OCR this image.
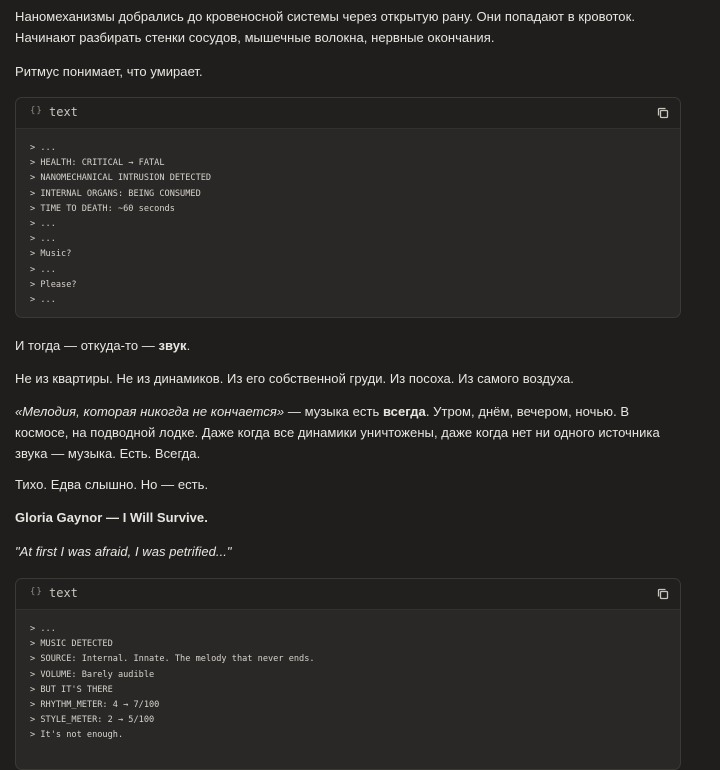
Наномеханизмы добрались до кровеносной системы через открытую рану. Они попадают в кровоток. Начинают разбирать стенки сосудов, мышечные волокна, нервные окончания.

Ритмус понимает, что умирает.

{} text
> ...
> HEALTH: CRITICAL → FATAL
> NANOMECHANICAL INTRUSION DETECTED
> INTERNAL ORGANS: BEING CONSUMED
> TIME TO DEATH: ~60 seconds
> ...
> ...
> Music?
> ...
> Please?
> ...

И тогда — откуда-то — звук.

Не из квартиры. Не из динамиков. Из его собственной груди. Из посоха. Из самого воздуха.

«Мелодия, которая никогда не кончается» — музыка есть всегда. Утром, днём, вечером, ночью. В космосе, на подводной лодке. Даже когда все динамики уничтожены, даже когда нет ни одного источника звука — музыка. Есть. Всегда.

Тихо. Едва слышно. Но — есть.

Gloria Gaynor — I Will Survive.

"At first I was afraid, I was petrified..."

{} text
> ...
> MUSIC DETECTED
> SOURCE: Internal. Innate. The melody that never ends.
> VOLUME: Barely audible
> BUT IT'S THERE
> RHYTHM_METER: 4 → 7/100
> STYLE_METER: 2 → 5/100
> It's not enough.
